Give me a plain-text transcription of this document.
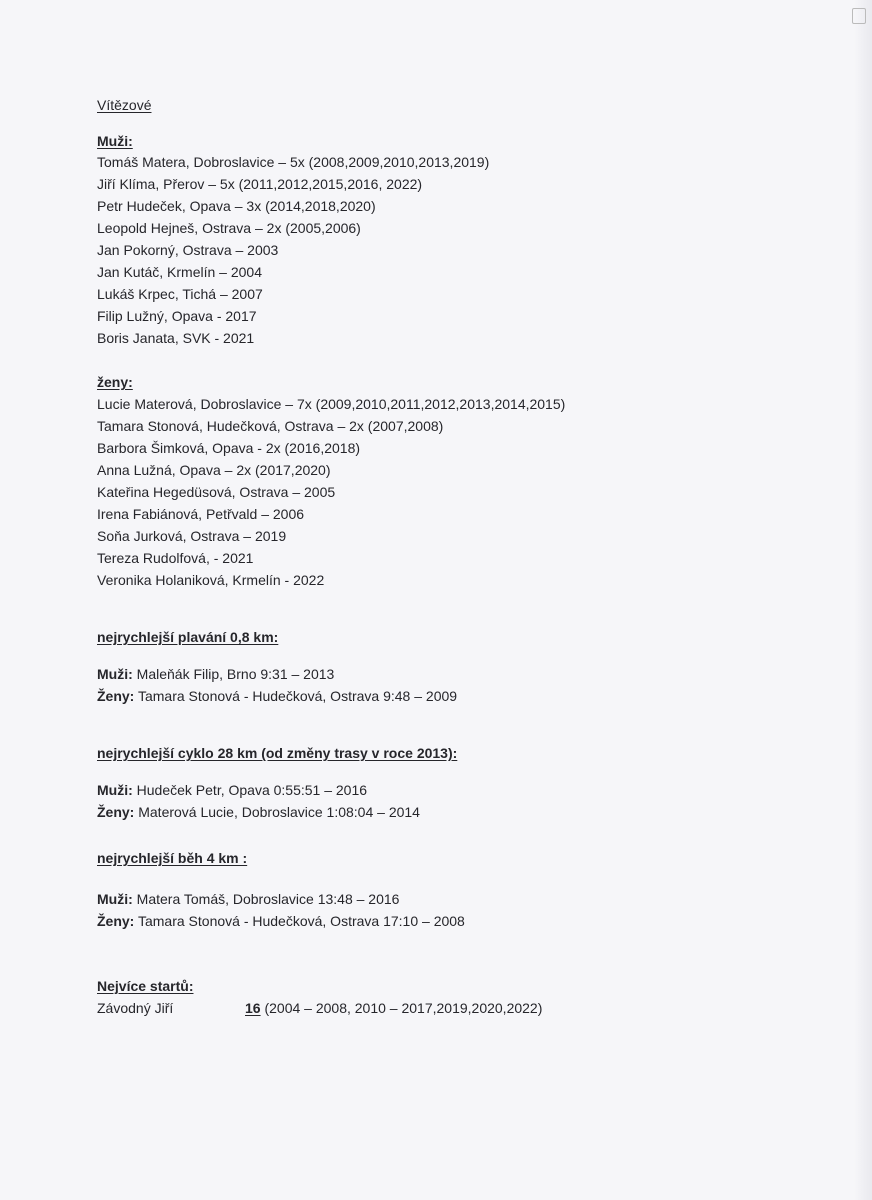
Vítězové
Muži:
Tomáš Matera, Dobroslavice – 5x (2008,2009,2010,2013,2019)
Jiří Klíma, Přerov – 5x (2011,2012,2015,2016, 2022)
Petr Hudeček, Opava – 3x (2014,2018,2020)
Leopold Hejneš, Ostrava – 2x (2005,2006)
Jan Pokorný, Ostrava – 2003
Jan Kutáč, Krmelín – 2004
Lukáš Krpec, Tichá – 2007
Filip Lužný, Opava - 2017
Boris Janata, SVK - 2021
ženy:
Lucie Materová, Dobroslavice – 7x (2009,2010,2011,2012,2013,2014,2015)
Tamara Stonová, Hudečková, Ostrava – 2x (2007,2008)
Barbora Šimková, Opava - 2x (2016,2018)
Anna Lužná, Opava – 2x (2017,2020)
Kateřina Hegedüsová, Ostrava – 2005
Irena Fabiánová, Petřvald – 2006
Soňa Jurková, Ostrava – 2019
Tereza Rudolfová, - 2021
Veronika Holaniková, Krmelín - 2022
nejrychlejší plavání 0,8 km:
Muži: Maleňák Filip, Brno 9:31 – 2013
Ženy: Tamara Stonová - Hudečková, Ostrava 9:48 – 2009
nejrychlejší cyklo 28 km (od změny trasy v roce 2013):
Muži: Hudeček Petr, Opava 0:55:51 – 2016
Ženy: Materová Lucie, Dobroslavice 1:08:04 – 2014
nejrychlejší běh 4 km :
Muži: Matera Tomáš, Dobroslavice 13:48 – 2016
Ženy: Tamara Stonová - Hudečková, Ostrava 17:10 – 2008
Nejvíce startů:
Závodný Jiří	16 (2004 – 2008, 2010 – 2017,2019,2020,2022)
